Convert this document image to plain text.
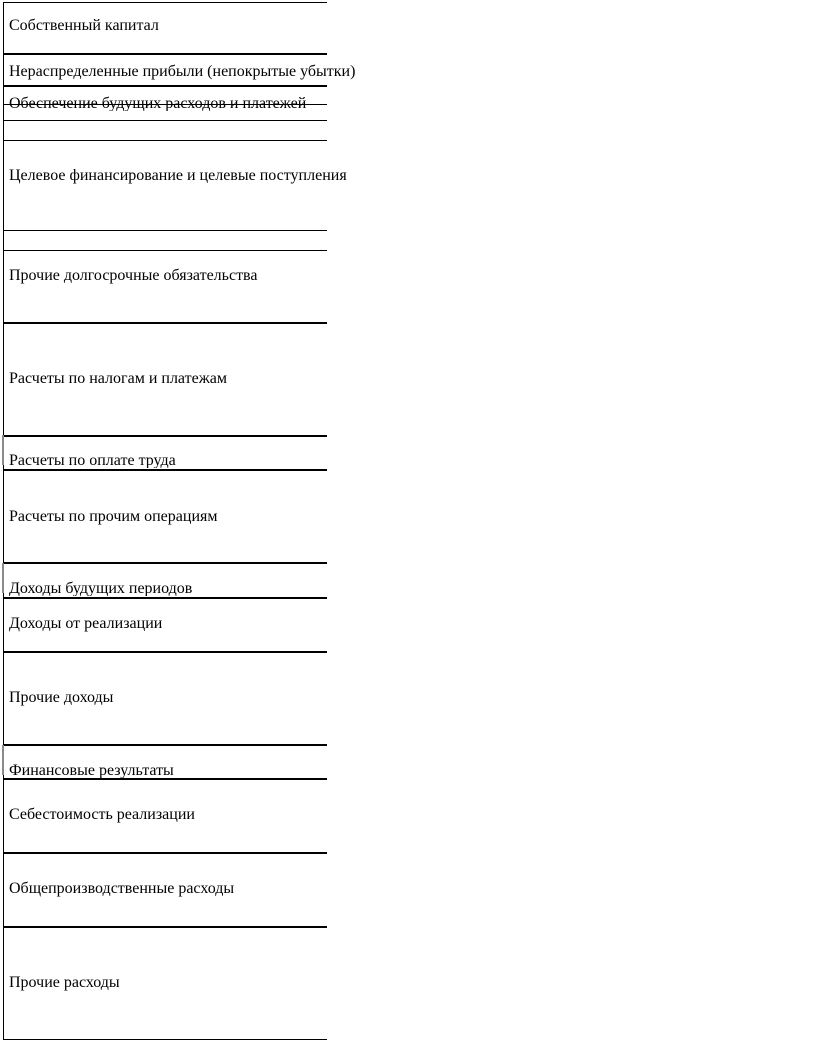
Собственный капитал
Нераспределенные прибыли (непокрытые убытки)
Обеспечение будущих расходов и платежей
Целевое финансирование и целевые поступления
Прочие долгосрочные обязательства
Расчеты по налогам и платежам
Расчеты по оплате труда
Расчеты по прочим операциям
Доходы будущих периодов
Доходы от реализации
Прочие доходы
Финансовые результаты
Себестоимость реализации
Общепроизводственные расходы
Прочие расходы
